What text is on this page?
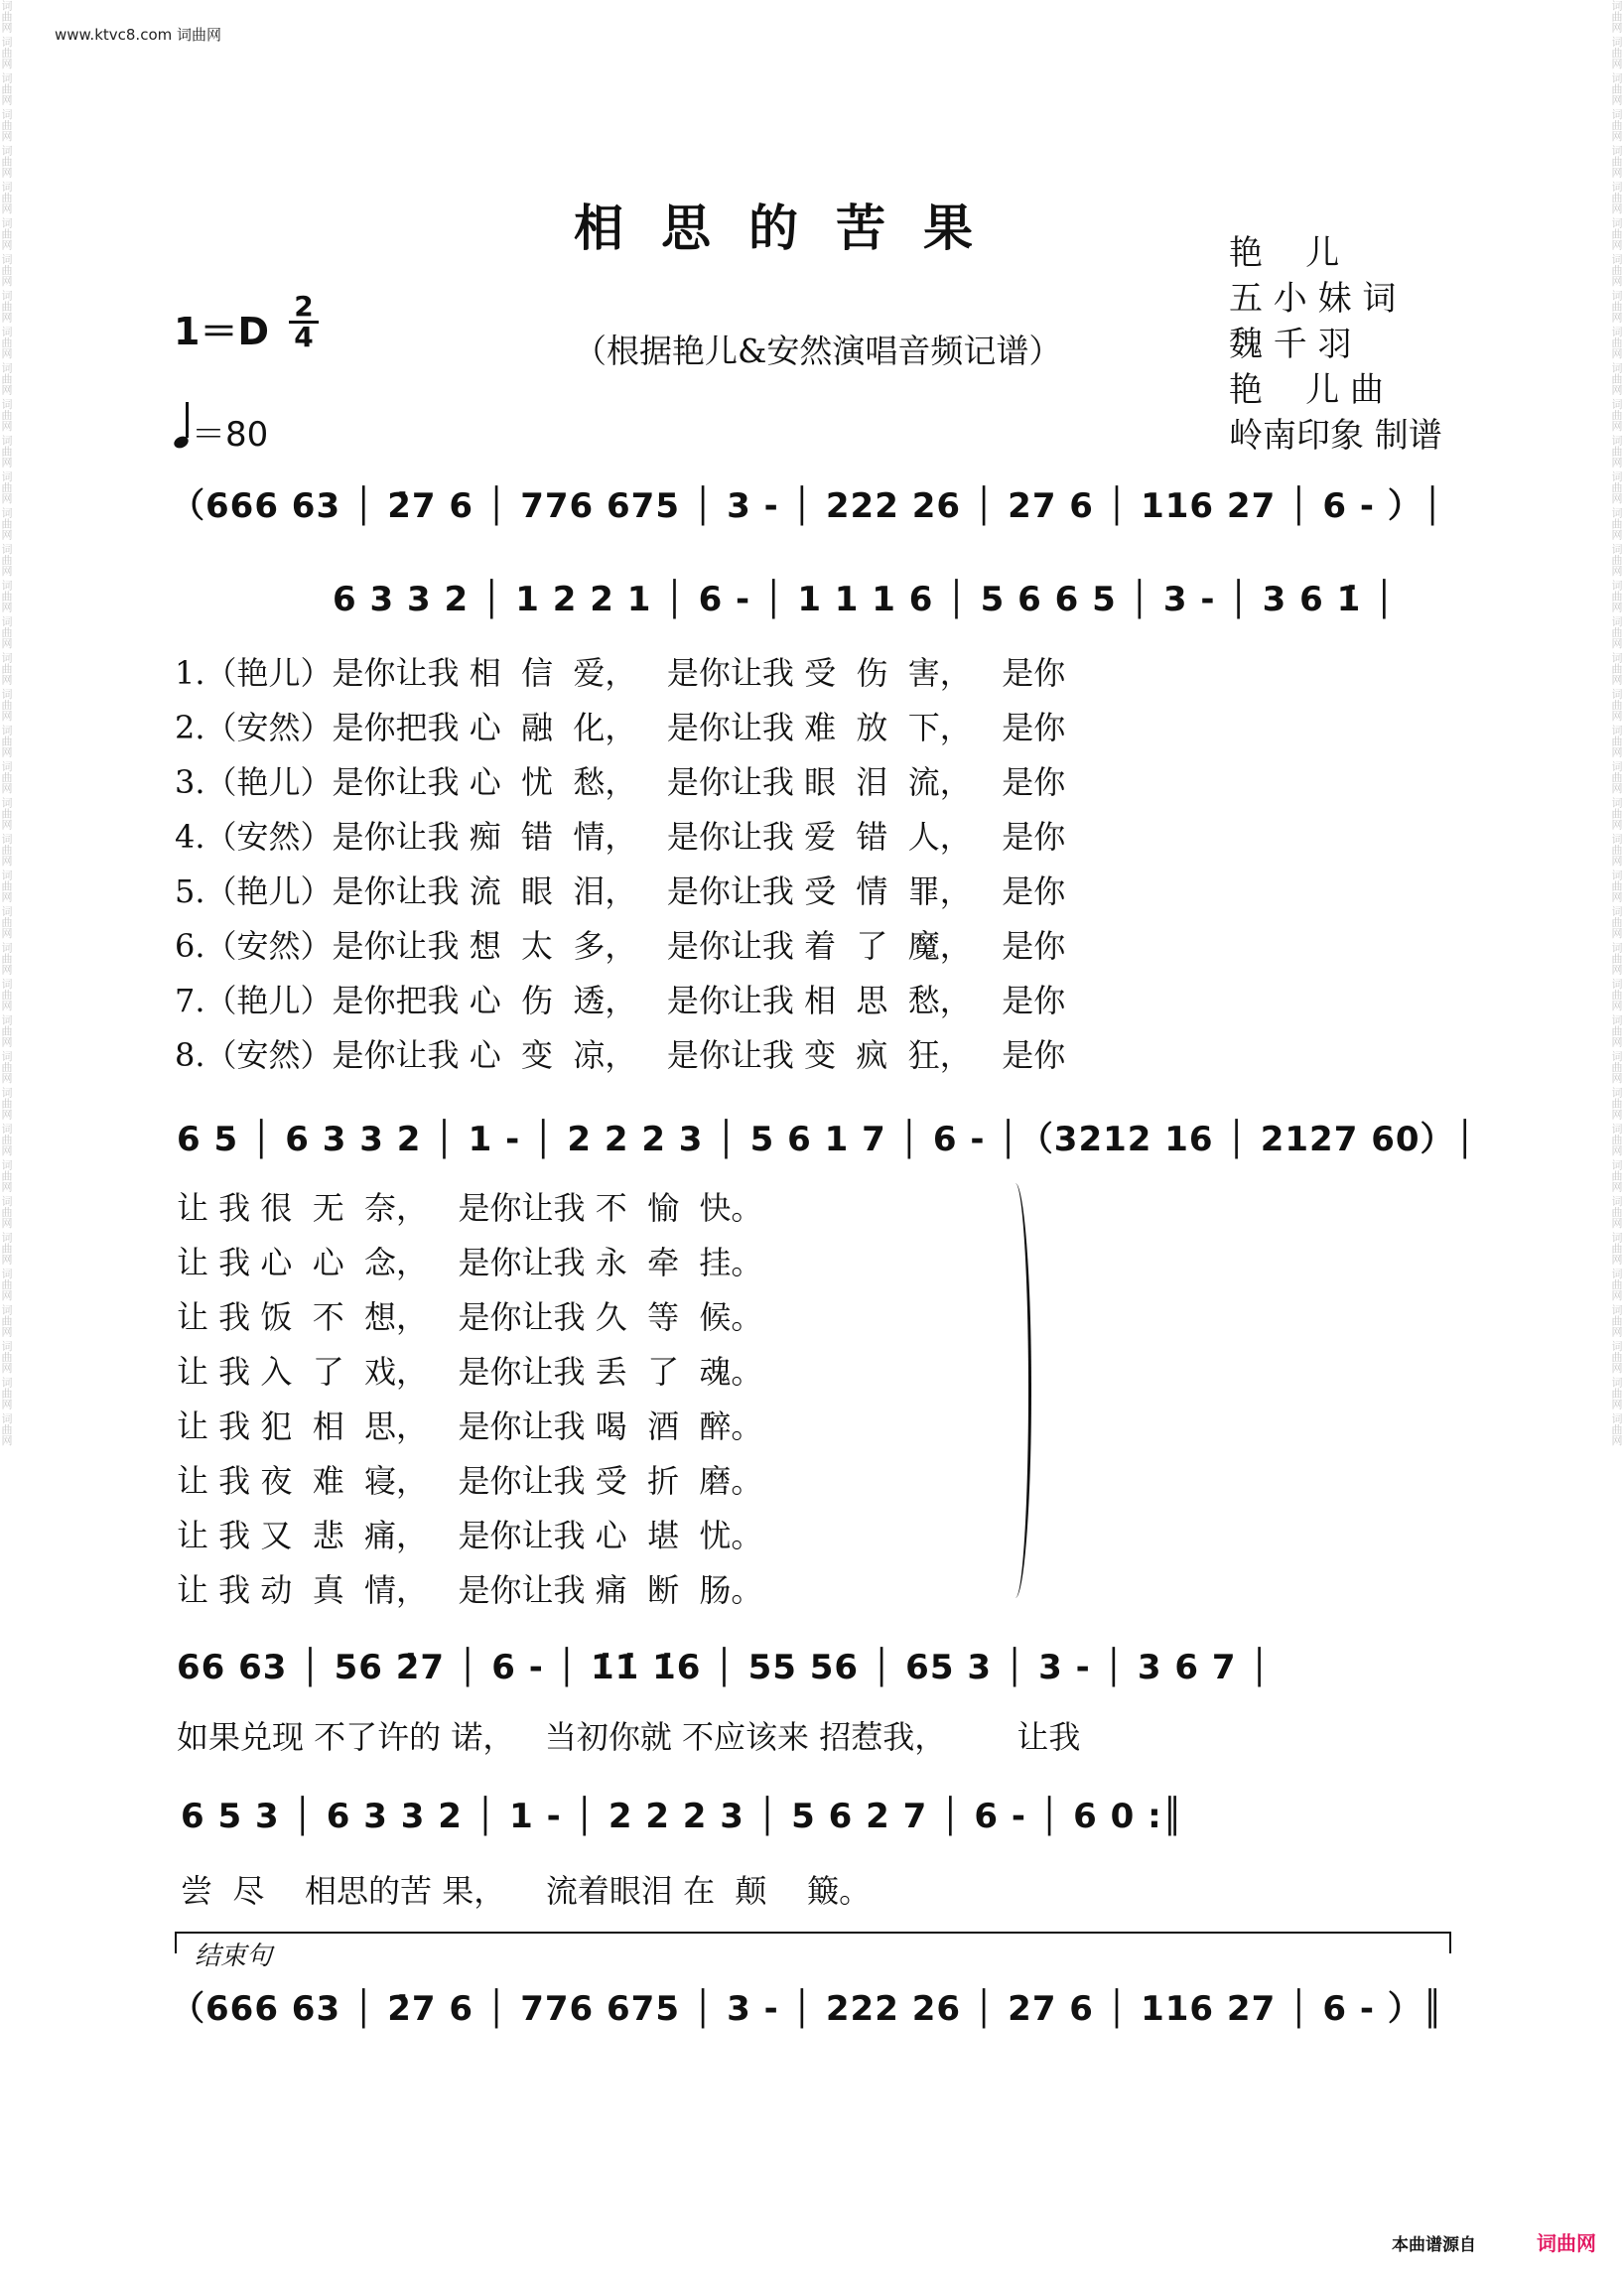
www.ktvc8.com 词曲网
词曲网 词曲网 词曲网 词曲网 词曲网 词曲网 词曲网 词曲网 词曲网 词曲网 词曲网 词曲网 词曲网 词曲网 词曲网 词曲网 词曲网 词曲网 词曲网 词曲网 词曲网 词曲网 词曲网 词曲网 词曲网 词曲网 词曲网 词曲网 词曲网 词曲网 词曲网 词曲网 词曲网 词曲网 词曲网 词曲网 词曲网 词曲网 词曲网 词曲网	词曲网 词曲网 词曲网 词曲网 词曲网 词曲网 词曲网 词曲网 词曲网 词曲网 词曲网 词曲网 词曲网 词曲网 词曲网 词曲网 词曲网 词曲网 词曲网 词曲网 词曲网 词曲网 词曲网 词曲网 词曲网 词曲网 词曲网 词曲网 词曲网 词曲网 词曲网 词曲网 词曲网 词曲网 词曲网 词曲网 词曲网 词曲网 词曲网 词曲网
相思的苦果	艳    儿
五 小 妹 词
魏 千 羽
艳    儿 曲
岭南印象 制谱
1＝D
2
4	（根据艳儿&安然演唱音频记谱）
＝80
（666 63 │ 2̇7 6 │ 776 675 │ 3 - │ 222 26 │ 27 6 │ 116 27 │ 6 - ）│
6 3 3 2 │ 1 2 2 1 │ 6 - │ 1 1 1 6 │ 5 6 6 5 │ 3 - │ 3 6 1̇ │
1.（艳儿）是你让我 相  信  爱，   是你让我 受  伤  害，   是你
2.（安然）是你把我 心  融  化，   是你让我 难  放  下，   是你
3.（艳儿）是你让我 心  忧  愁，   是你让我 眼  泪  流，   是你
4.（安然）是你让我 痴  错  情，   是你让我 爱  错  人，   是你
5.（艳儿）是你让我 流  眼  泪，   是你让我 受  情  罪，   是你
6.（安然）是你让我 想  太  多，   是你让我 着  了  魔，   是你
7.（艳儿）是你把我 心  伤  透，   是你让我 相  思  愁，   是你
8.（安然）是你让我 心  变  凉，   是你让我 变  疯  狂，   是你
6 5 │ 6 3 3 2 │ 1 - │ 2 2 2 3 │ 5 6 1 7 │ 6 - │（3212 16 │ 2127 60）│
让 我 很  无  奈，   是你让我 不  愉  快。
让 我 心  心  念，   是你让我 永  牵  挂。
让 我 饭  不  想，   是你让我 久  等  候。
让 我 入  了  戏，   是你让我 丢  了  魂。
让 我 犯  相  思，   是你让我 喝  酒  醉。
让 我 夜  难  寝，   是你让我 受  折  磨。
让 我 又  悲  痛，   是你让我 心  堪  忧。
让 我 动  真  情，   是你让我 痛  断  肠。
66 63 │ 56 2̇7 │ 6 - │ 1̇1̇ 1̇6 │ 55 56 │ 65 3 │ 3 - │ 3 6 7 │
如果兑现 不了许的 诺，   当初你就 不应该来 招惹我，       让我
6 5 3 │ 6 3 3 2 │ 1 - │ 2 2 2 3 │ 5 6 2 7 │ 6 - │ 6 0 :║
尝  尽    相思的苦 果，    流着眼泪 在  颠    簸。
结束句
（666 63 │ 2̇7 6 │ 776 675 │ 3 - │ 222 26 │ 27 6 │ 116 27 │ 6 - ）║
本曲谱源自	词曲网
